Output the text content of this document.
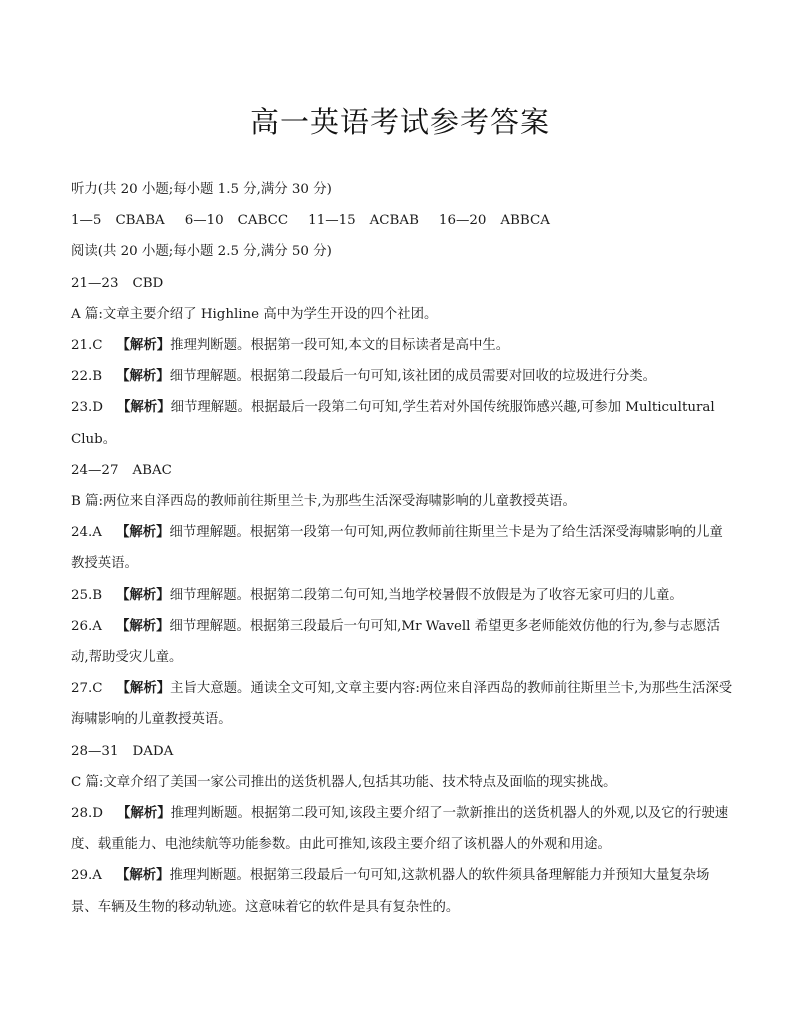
高一英语考试参考答案

听力(共 20 小题;每小题 1.5 分,满分 30 分)

1—5 CBABA 6—10 CABCC 11—15 ACBAB 16—20 ABBCA

阅读(共 20 小题;每小题 2.5 分,满分 50 分)

21—23 CBD

A 篇:文章主要介绍了 Highline 高中为学生开设的四个社团。

21.C 【解析】推理判断题。根据第一段可知,本文的目标读者是高中生。

22.B 【解析】细节理解题。根据第二段最后一句可知,该社团的成员需要对回收的垃圾进行分类。

23.D 【解析】细节理解题。根据最后一段第二句可知,学生若对外国传统服饰感兴趣,可参加 Multicultural Club。

24—27 ABAC

B 篇:两位来自泽西岛的教师前往斯里兰卡,为那些生活深受海啸影响的儿童教授英语。

24.A 【解析】细节理解题。根据第一段第一句可知,两位教师前往斯里兰卡是为了给生活深受海啸影响的儿童教授英语。

25.B 【解析】细节理解题。根据第二段第二句可知,当地学校暑假不放假是为了收容无家可归的儿童。

26.A 【解析】细节理解题。根据第三段最后一句可知,Mr Wavell 希望更多老师能效仿他的行为,参与志愿活动,帮助受灾儿童。

27.C 【解析】主旨大意题。通读全文可知,文章主要内容:两位来自泽西岛的教师前往斯里兰卡,为那些生活深受海啸影响的儿童教授英语。

28—31 DADA

C 篇:文章介绍了美国一家公司推出的送货机器人,包括其功能、技术特点及面临的现实挑战。

28.D 【解析】推理判断题。根据第二段可知,该段主要介绍了一款新推出的送货机器人的外观,以及它的行驶速度、载重能力、电池续航等功能参数。由此可推知,该段主要介绍了该机器人的外观和用途。

29.A 【解析】推理判断题。根据第三段最后一句可知,这款机器人的软件须具备理解能力并预知大量复杂场景、车辆及生物的移动轨迹。这意味着它的软件是具有复杂性的。
